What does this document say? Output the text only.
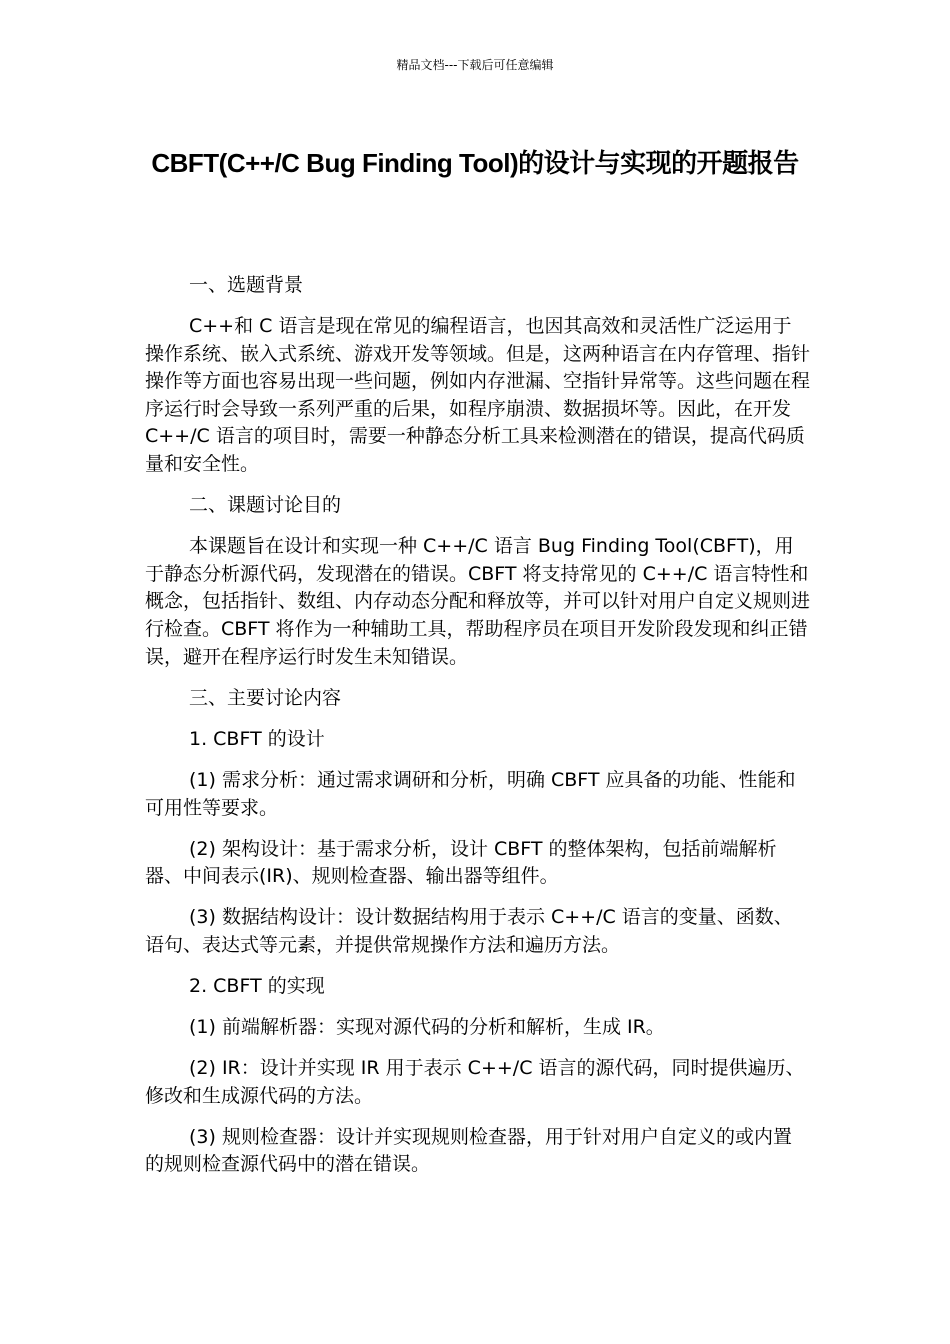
精品文档---下载后可任意编辑
CBFT(C++/C Bug Finding Tool)的设计与实现的开题报告

一、选题背景

C++和 C 语言是现在常见的编程语言，也因其高效和灵活性广泛运用于操作系统、嵌入式系统、游戏开发等领域。但是，这两种语言在内存管理、指针操作等方面也容易出现一些问题，例如内存泄漏、空指针异常等。这些问题在程序运行时会导致一系列严重的后果，如程序崩溃、数据损坏等。因此，在开发 C++/C 语言的项目时，需要一种静态分析工具来检测潜在的错误，提高代码质量和安全性。

二、课题讨论目的

本课题旨在设计和实现一种 C++/C 语言 Bug Finding Tool(CBFT)，用于静态分析源代码，发现潜在的错误。CBFT 将支持常见的 C++/C 语言特性和概念，包括指针、数组、内存动态分配和释放等，并可以针对用户自定义规则进行检查。CBFT 将作为一种辅助工具，帮助程序员在项目开发阶段发现和纠正错误，避开在程序运行时发生未知错误。

三、主要讨论内容

1. CBFT 的设计

(1) 需求分析：通过需求调研和分析，明确 CBFT 应具备的功能、性能和可用性等要求。

(2) 架构设计：基于需求分析，设计 CBFT 的整体架构，包括前端解析器、中间表示(IR)、规则检查器、输出器等组件。

(3) 数据结构设计：设计数据结构用于表示 C++/C 语言的变量、函数、语句、表达式等元素，并提供常规操作方法和遍历方法。

2. CBFT 的实现

(1) 前端解析器：实现对源代码的分析和解析，生成 IR。

(2) IR：设计并实现 IR 用于表示 C++/C 语言的源代码，同时提供遍历、修改和生成源代码的方法。

(3) 规则检查器：设计并实现规则检查器，用于针对用户自定义的或内置的规则检查源代码中的潜在错误。
